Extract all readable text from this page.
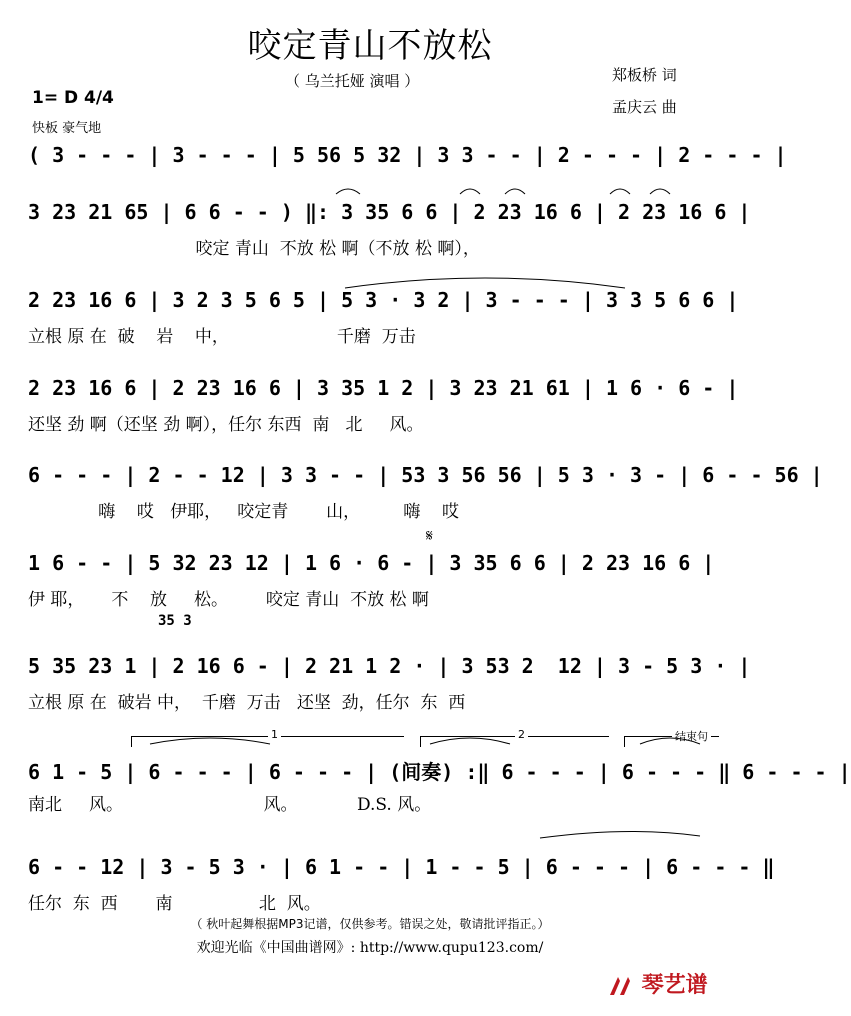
咬定青山不放松
（ 乌兰托娅 演唱 ）	郑板桥 词
孟庆云 曲
1= D 4/4
快板 豪气地
( 3 - - - | 3 - - - | 5 56 5 32 | 3 3 - - | 2 - - - | 2 - - - |
3 23 21 65 | 6 6 - - ) ‖: 3 35 6 6 | 2 23 16 6 | 2 23 16 6 |
咬定 青山  不放 松 啊（不放 松 啊），
2 23 16 6 | 3 2 3 5 6 5 | 5 3 · 3 2 | 3 - - - | 3 3 5 6 6 |
立根 原 在  破    岩    中，                    千磨  万击
2 23 16 6 | 2 23 16 6 | 3 35 1 2 | 3 23 21 61 | 1 6 · 6 - |
还坚 劲 啊（还坚 劲 啊），任尔 东西  南   北     风。
6 - - - | 2 - - 12 | 3 3 - - | 53 3 56 56 | 5 3 · 3 - | 6 - - 56 |
嗨    哎   伊耶，   咬定青       山，        嗨    哎
1 6 - - | 5 32 23 12 | 1 6 · 6 - | 3 35 6 6 | 2 23 16 6 |
伊 耶，     不    放     松。       咬定 青山  不放 松 啊
35 3
5 35 23 1 | 2 16 6 - | 2 21 1 2 · | 3 53 2  12 | 3 - 5 3 · |
立根 原 在  破岩 中，  千磨  万击   还坚  劲，任尔  东  西
1	2	结束句
6 1 - 5 | 6 - - - | 6 - - - | (间奏) :‖ 6 - - - | 6 - - - ‖ 6 - - - |
南北     风。                          风。           D.S. 风。
6 - - 12 | 3 - 5 3 · | 6 1 - - | 1 - - 5 | 6 - - - | 6 - - - ‖
任尔  东  西       南                北  风。
𝄋
（ 秋叶起舞根据MP3记谱，仅供参考。错误之处，敬请批评指正。）
欢迎光临《中国曲谱网》: http://www.qupu123.com/
琴艺谱
